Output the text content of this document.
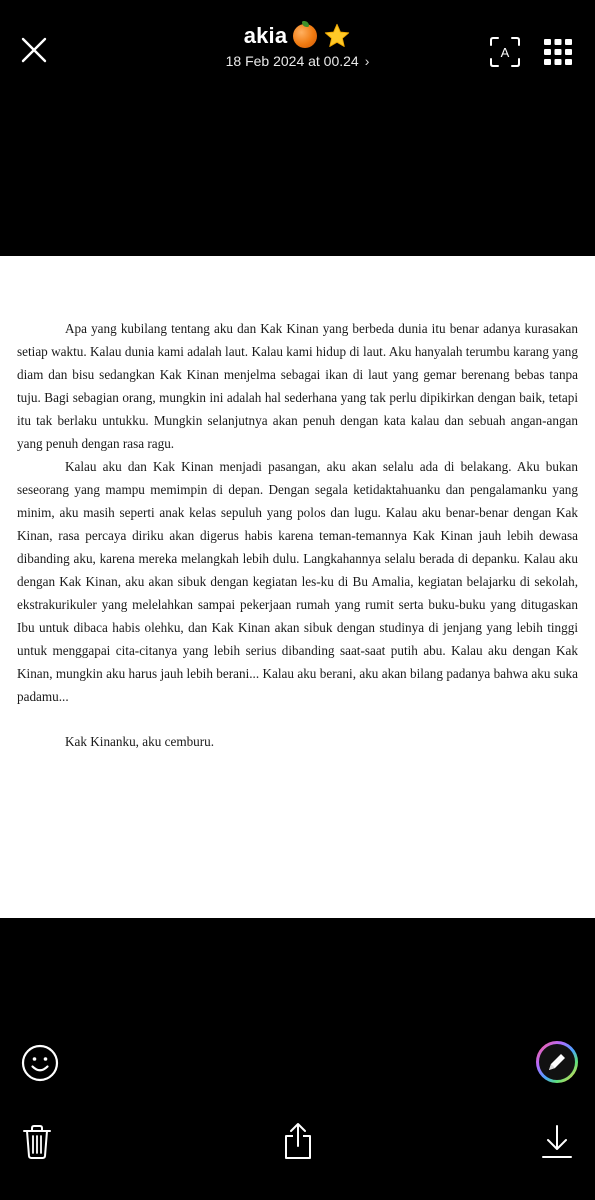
akia

18 Feb 2024 at 00.24 ›
A

Apa yang kubilang tentang aku dan Kak Kinan yang berbeda dunia itu benar adanya kurasakan setiap waktu. Kalau dunia kami adalah laut. Kalau kami hidup di laut. Aku hanyalah terumbu karang yang diam dan bisu sedangkan Kak Kinan menjelma sebagai ikan di laut yang gemar berenang bebas tanpa tuju. Bagi sebagian orang, mungkin ini adalah hal sederhana yang tak perlu dipikirkan dengan baik, tetapi itu tak berlaku untukku. Mungkin selanjutnya akan penuh dengan kata kalau dan sebuah angan-angan yang penuh dengan rasa ragu.

Kalau aku dan Kak Kinan menjadi pasangan, aku akan selalu ada di belakang. Aku bukan seseorang yang mampu memimpin di depan. Dengan segala ketidaktahuanku dan pengalamanku yang minim, aku masih seperti anak kelas sepuluh yang polos dan lugu. Kalau aku benar-benar dengan Kak Kinan, rasa percaya diriku akan digerus habis karena teman-temannya Kak Kinan jauh lebih dewasa dibanding aku, karena mereka melangkah lebih dulu. Langkahannya selalu berada di depanku. Kalau aku dengan Kak Kinan, aku akan sibuk dengan kegiatan les-ku di Bu Amalia, kegiatan belajarku di sekolah, ekstrakurikuler yang melelahkan sampai pekerjaan rumah yang rumit serta buku-buku yang ditugaskan Ibu untuk dibaca habis olehku, dan Kak Kinan akan sibuk dengan studinya di jenjang yang lebih tinggi untuk menggapai cita-citanya yang lebih serius dibanding saat-saat putih abu. Kalau aku dengan Kak Kinan, mungkin aku harus jauh lebih berani... Kalau aku berani, aku akan bilang padanya bahwa aku suka padamu...

Kak Kinanku, aku cemburu.
